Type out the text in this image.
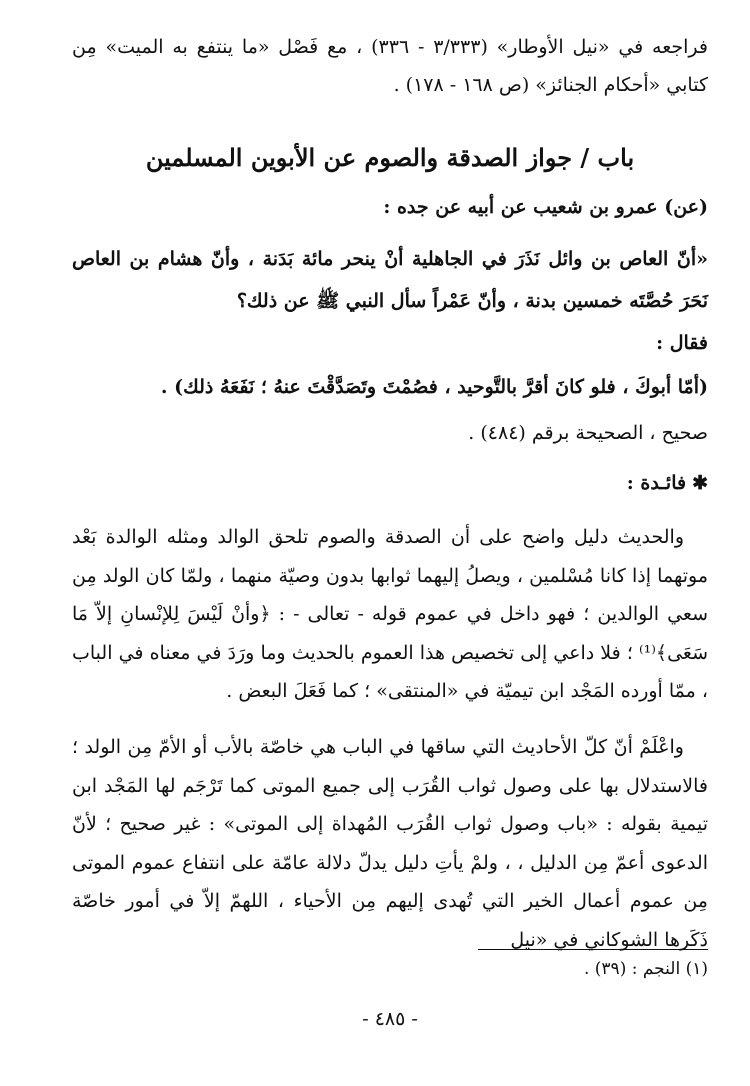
فراجعه في «نيل الأوطار» (٣/٣٣٣ - ٣٣٦) ، مع فَصْل «ما ينتفع به الميت» مِن كتابي «أحكام الجنائز» (ص ١٦٨ - ١٧٨) .
باب / جواز الصدقة والصوم عن الأبوين المسلمين
(عن) عمرو بن شعيب عن أبيه عن جده :
«أنّ العاص بن وائل نَذَرَ في الجاهلية أنْ ينحر مائة بَدَنة ، وأنّ هشام بن العاص نَحَرَ حُصَّتَه خمسين بدنة ، وأنّ عَمْراً سأل النبي ﷺ عن ذلك؟
فقال :
(أمّا أبوكَ ، فلو كانَ أقرَّ بالتَّوحيد ، فصُمْتَ وتَصَدَّقْتَ عنهُ ؛ نَفَعَهُ ذلك) .
صحيح ، الصحيحة برقم (٤٨٤) .
✱فائـدة :
والحديث دليل واضح على أن الصدقة والصوم تلحق الوالد ومثله الوالدة بَعْد موتهما إذا كانا مُسْلمين ، ويصلُ إليهما ثوابها بدون وصيّة منهما ، ولمّا كان الولد مِن سعي الوالدين ؛ فهو داخل في عموم قوله - تعالى - : ﴿وأنْ لَيْسَ لِلإنْسانِ إلاّ مَا سَعَى﴾⁽¹⁾ ؛ فلا داعي إلى تخصيص هذا العموم بالحديث وما ورَدَ في معناه في الباب ، ممّا أورده المَجْد ابن تيميّة في «المنتقى» ؛ كما فَعَلَ البعض .
واعْلَمْ أنّ كلّ الأحاديث التي ساقها في الباب هي خاصّة بالأب أو الأمّ مِن الولد ؛ فالاستدلال بها على وصول ثواب القُرَب إلى جميع الموتى كما تَرْجَم لها المَجْد ابن تيمية بقوله : «باب وصول ثواب القُرَب المُهداة إلى الموتى» : غير صحيح ؛ لأنّ الدعوى أعمّ مِن الدليل ، ، ولمْ يأتِ دليل يدلّ دلالة عامّة على انتفاع عموم الموتى مِن عموم أعمال الخير التي تُهدى إليهم مِن الأحياء ، اللهمّ إلاّ في أمور خاصّة ذَكَرها الشوكاني في «نيل
(١) النجم : (٣٩) .
- ٤٨٥ -
